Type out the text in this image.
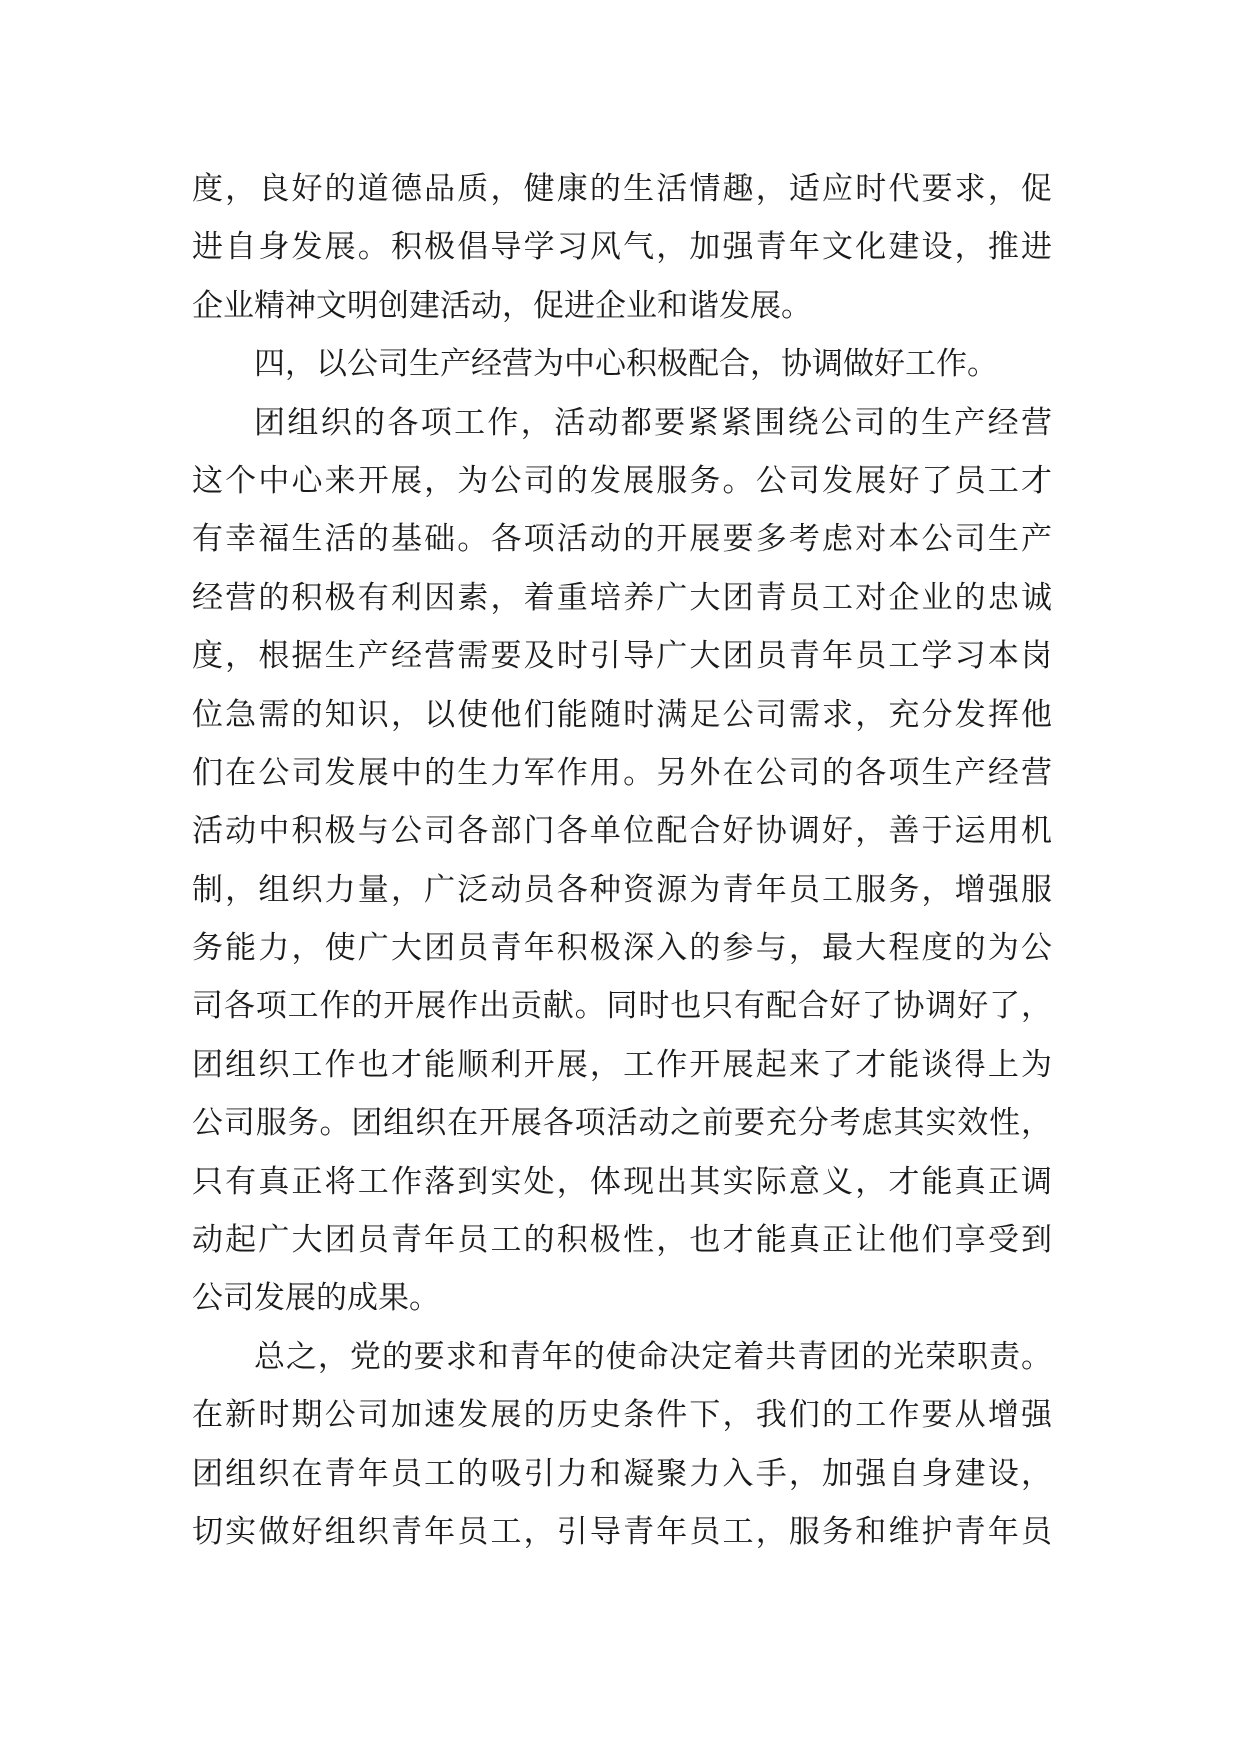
度，良好的道德品质，健康的生活情趣，适应时代要求，促
进自身发展。积极倡导学习风气，加强青年文化建设，推进
企业精神文明创建活动，促进企业和谐发展。
四，以公司生产经营为中心积极配合，协调做好工作。
团组织的各项工作，活动都要紧紧围绕公司的生产经营
这个中心来开展，为公司的发展服务。公司发展好了员工才
有幸福生活的基础。各项活动的开展要多考虑对本公司生产
经营的积极有利因素，着重培养广大团青员工对企业的忠诚
度，根据生产经营需要及时引导广大团员青年员工学习本岗
位急需的知识，以使他们能随时满足公司需求，充分发挥他
们在公司发展中的生力军作用。另外在公司的各项生产经营
活动中积极与公司各部门各单位配合好协调好，善于运用机
制，组织力量，广泛动员各种资源为青年员工服务，增强服
务能力，使广大团员青年积极深入的参与，最大程度的为公
司各项工作的开展作出贡献。同时也只有配合好了协调好了，
团组织工作也才能顺利开展，工作开展起来了才能谈得上为
公司服务。团组织在开展各项活动之前要充分考虑其实效性，
只有真正将工作落到实处，体现出其实际意义，才能真正调
动起广大团员青年员工的积极性，也才能真正让他们享受到
公司发展的成果。
总之，党的要求和青年的使命决定着共青团的光荣职责。
在新时期公司加速发展的历史条件下，我们的工作要从增强
团组织在青年员工的吸引力和凝聚力入手，加强自身建设，
切实做好组织青年员工，引导青年员工，服务和维护青年员
